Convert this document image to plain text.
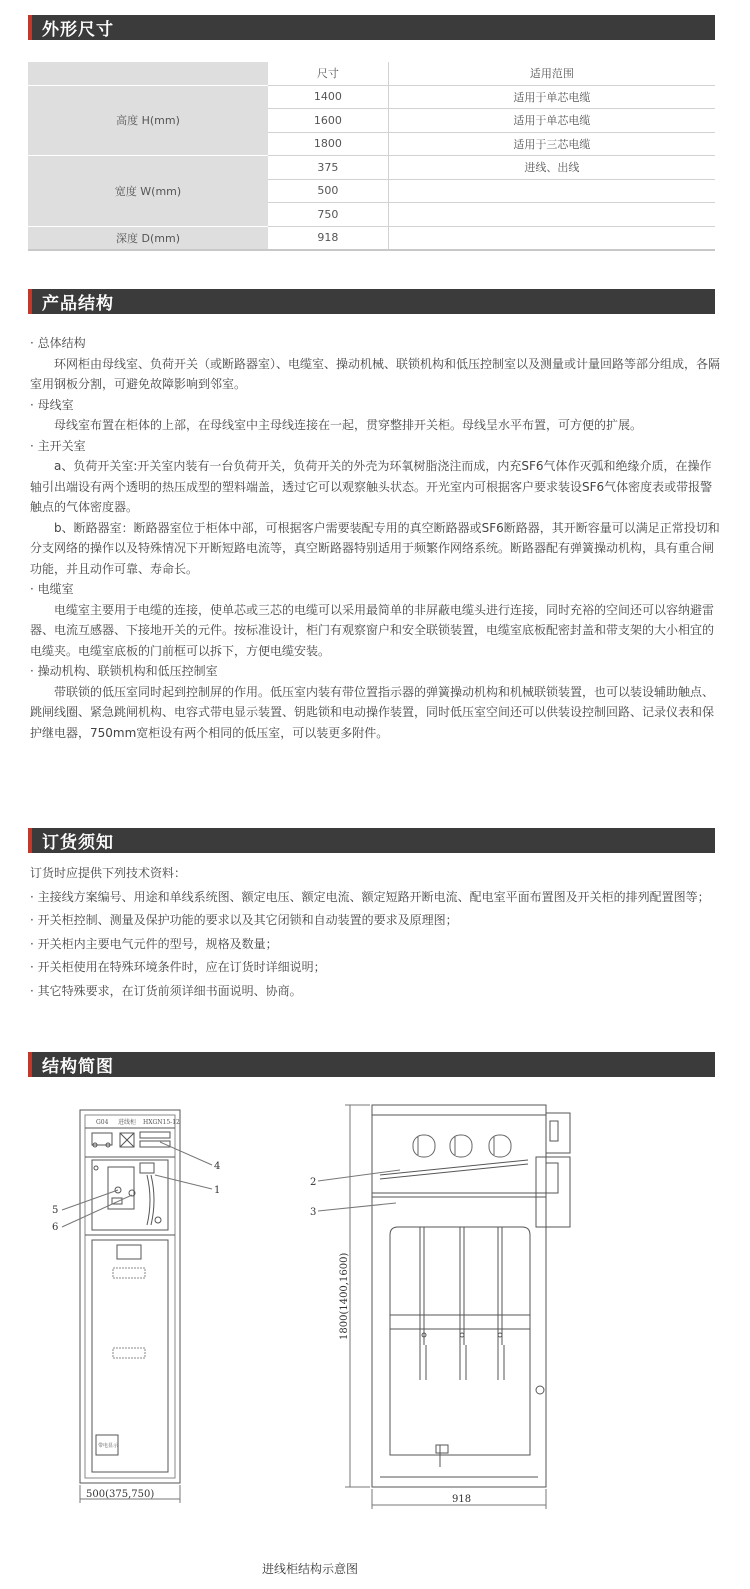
外形尺寸
	尺寸	适用范围
高度 H(mm)	1400	适用于单芯电缆
	1600	适用于单芯电缆
	1800	适用于三芯电缆
宽度 W(mm)	375	进线、出线
	500	
	750	
深度 D(mm)	918	
产品结构

· 总体结构

环网柜由母线室、负荷开关（或断路器室）、电缆室、操动机械、联锁机构和低压控制室以及测量或计量回路等部分组成，各隔室用钢板分割，可避免故障影响到邻室。

· 母线室

母线室布置在柜体的上部，在母线室中主母线连接在一起，贯穿整排开关柜。母线呈水平布置，可方便的扩展。

· 主开关室

a、负荷开关室:开关室内装有一台负荷开关，负荷开关的外壳为环氧树脂浇注而成，内充SF6气体作灭弧和绝缘介质，在操作轴引出端设有两个透明的热压成型的塑料端盖，透过它可以观察触头状态。开光室内可根据客户要求装设SF6气体密度表或带报警触点的气体密度器。

b、断路器室：断路器室位于柜体中部，可根据客户需要装配专用的真空断路器或SF6断路器，其开断容量可以满足正常投切和分支网络的操作以及特殊情况下开断短路电流等，真空断路器特别适用于频繁作网络系统。断路器配有弹簧操动机构，具有重合闸功能，并且动作可靠、寿命长。

· 电缆室

电缆室主要用于电缆的连接，使单芯或三芯的电缆可以采用最简单的非屏蔽电缆头进行连接，同时充裕的空间还可以容纳避雷器、电流互感器、下接地开关的元件。按标准设计，柜门有观察窗户和安全联锁装置，电缆室底板配密封盖和带支架的大小相宜的电缆夹。电缆室底板的门前框可以拆下，方便电缆安装。

· 操动机构、联锁机构和低压控制室

带联锁的低压室同时起到控制屏的作用。低压室内装有带位置指示器的弹簧操动机构和机械联锁装置，也可以装设辅助触点、跳闸线圈、紧急跳闸机构、电容式带电显示装置、钥匙锁和电动操作装置，同时低压室空间还可以供装设控制回路、记录仪表和保护继电器，750mm宽柜设有两个相同的低压室，可以装更多附件。

订货须知

订货时应提供下列技术资料：

· 主接线方案编号、用途和单线系统图、额定电压、额定电流、额定短路开断电流、配电室平面布置图及开关柜的排列配置图等；

· 开关柜控制、测量及保护功能的要求以及其它闭锁和自动装置的要求及原理图；

· 开关柜内主要电气元件的型号，规格及数量；

· 开关柜使用在特殊环境条件时，应在订货时详细说明；

· 其它特殊要求，在订货前须详细书面说明、协商。

结构简图
G04 进线柜 HXGN15-12
带电显示
4
1
5
6
500(375,750)
2
3
1800(1400,1600)
918
进线柜结构示意图
